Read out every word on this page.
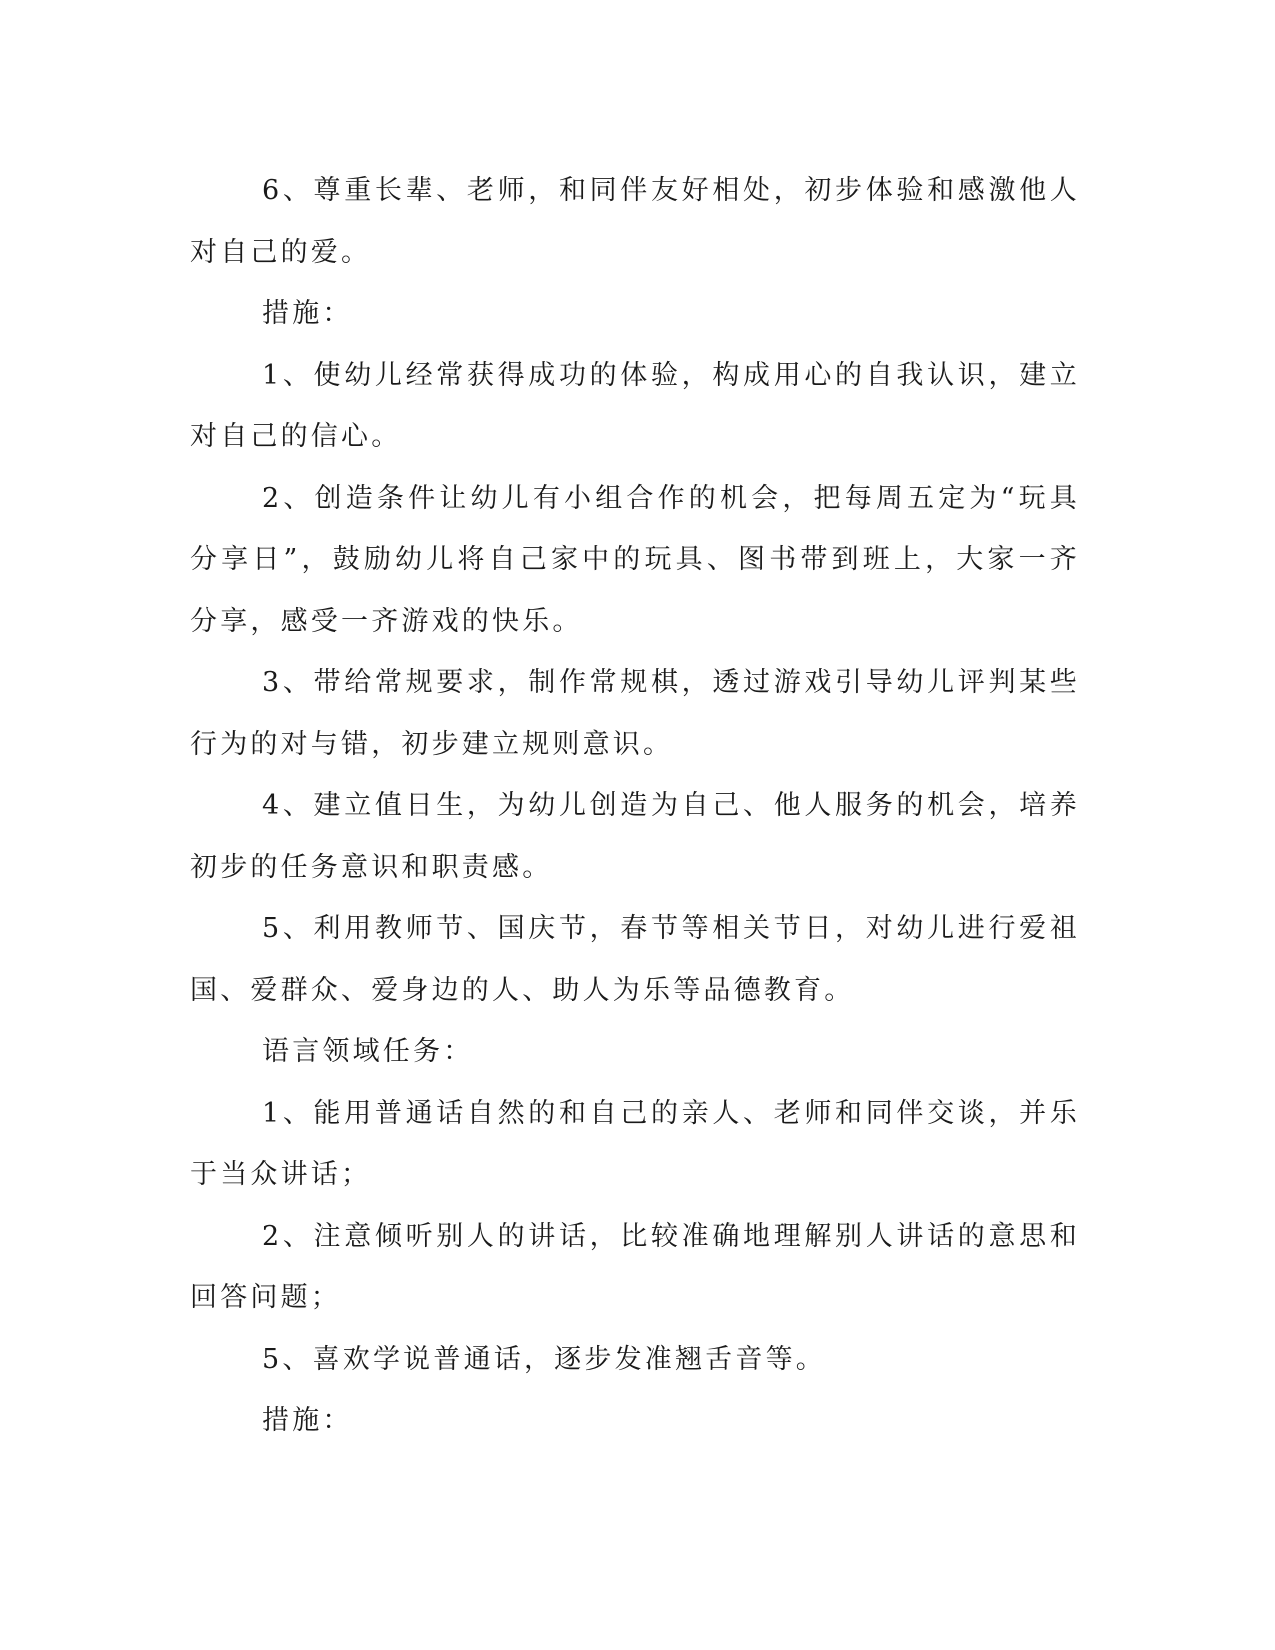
6、尊重长辈、老师，和同伴友好相处，初步体验和感激他人对自己的爱。

措施：

1、使幼儿经常获得成功的体验，构成用心的自我认识，建立对自己的信心。

2、创造条件让幼儿有小组合作的机会，把每周五定为“玩具分享日”，鼓励幼儿将自己家中的玩具、图书带到班上，大家一齐分享，感受一齐游戏的快乐。

3、带给常规要求，制作常规棋，透过游戏引导幼儿评判某些行为的对与错，初步建立规则意识。

4、建立值日生，为幼儿创造为自己、他人服务的机会，培养初步的任务意识和职责感。

5、利用教师节、国庆节，春节等相关节日，对幼儿进行爱祖国、爱群众、爱身边的人、助人为乐等品德教育。

语言领域任务：

1、能用普通话自然的和自己的亲人、老师和同伴交谈，并乐于当众讲话；

2、注意倾听别人的讲话，比较准确地理解别人讲话的意思和回答问题；

5、喜欢学说普通话，逐步发准翘舌音等。

措施：
